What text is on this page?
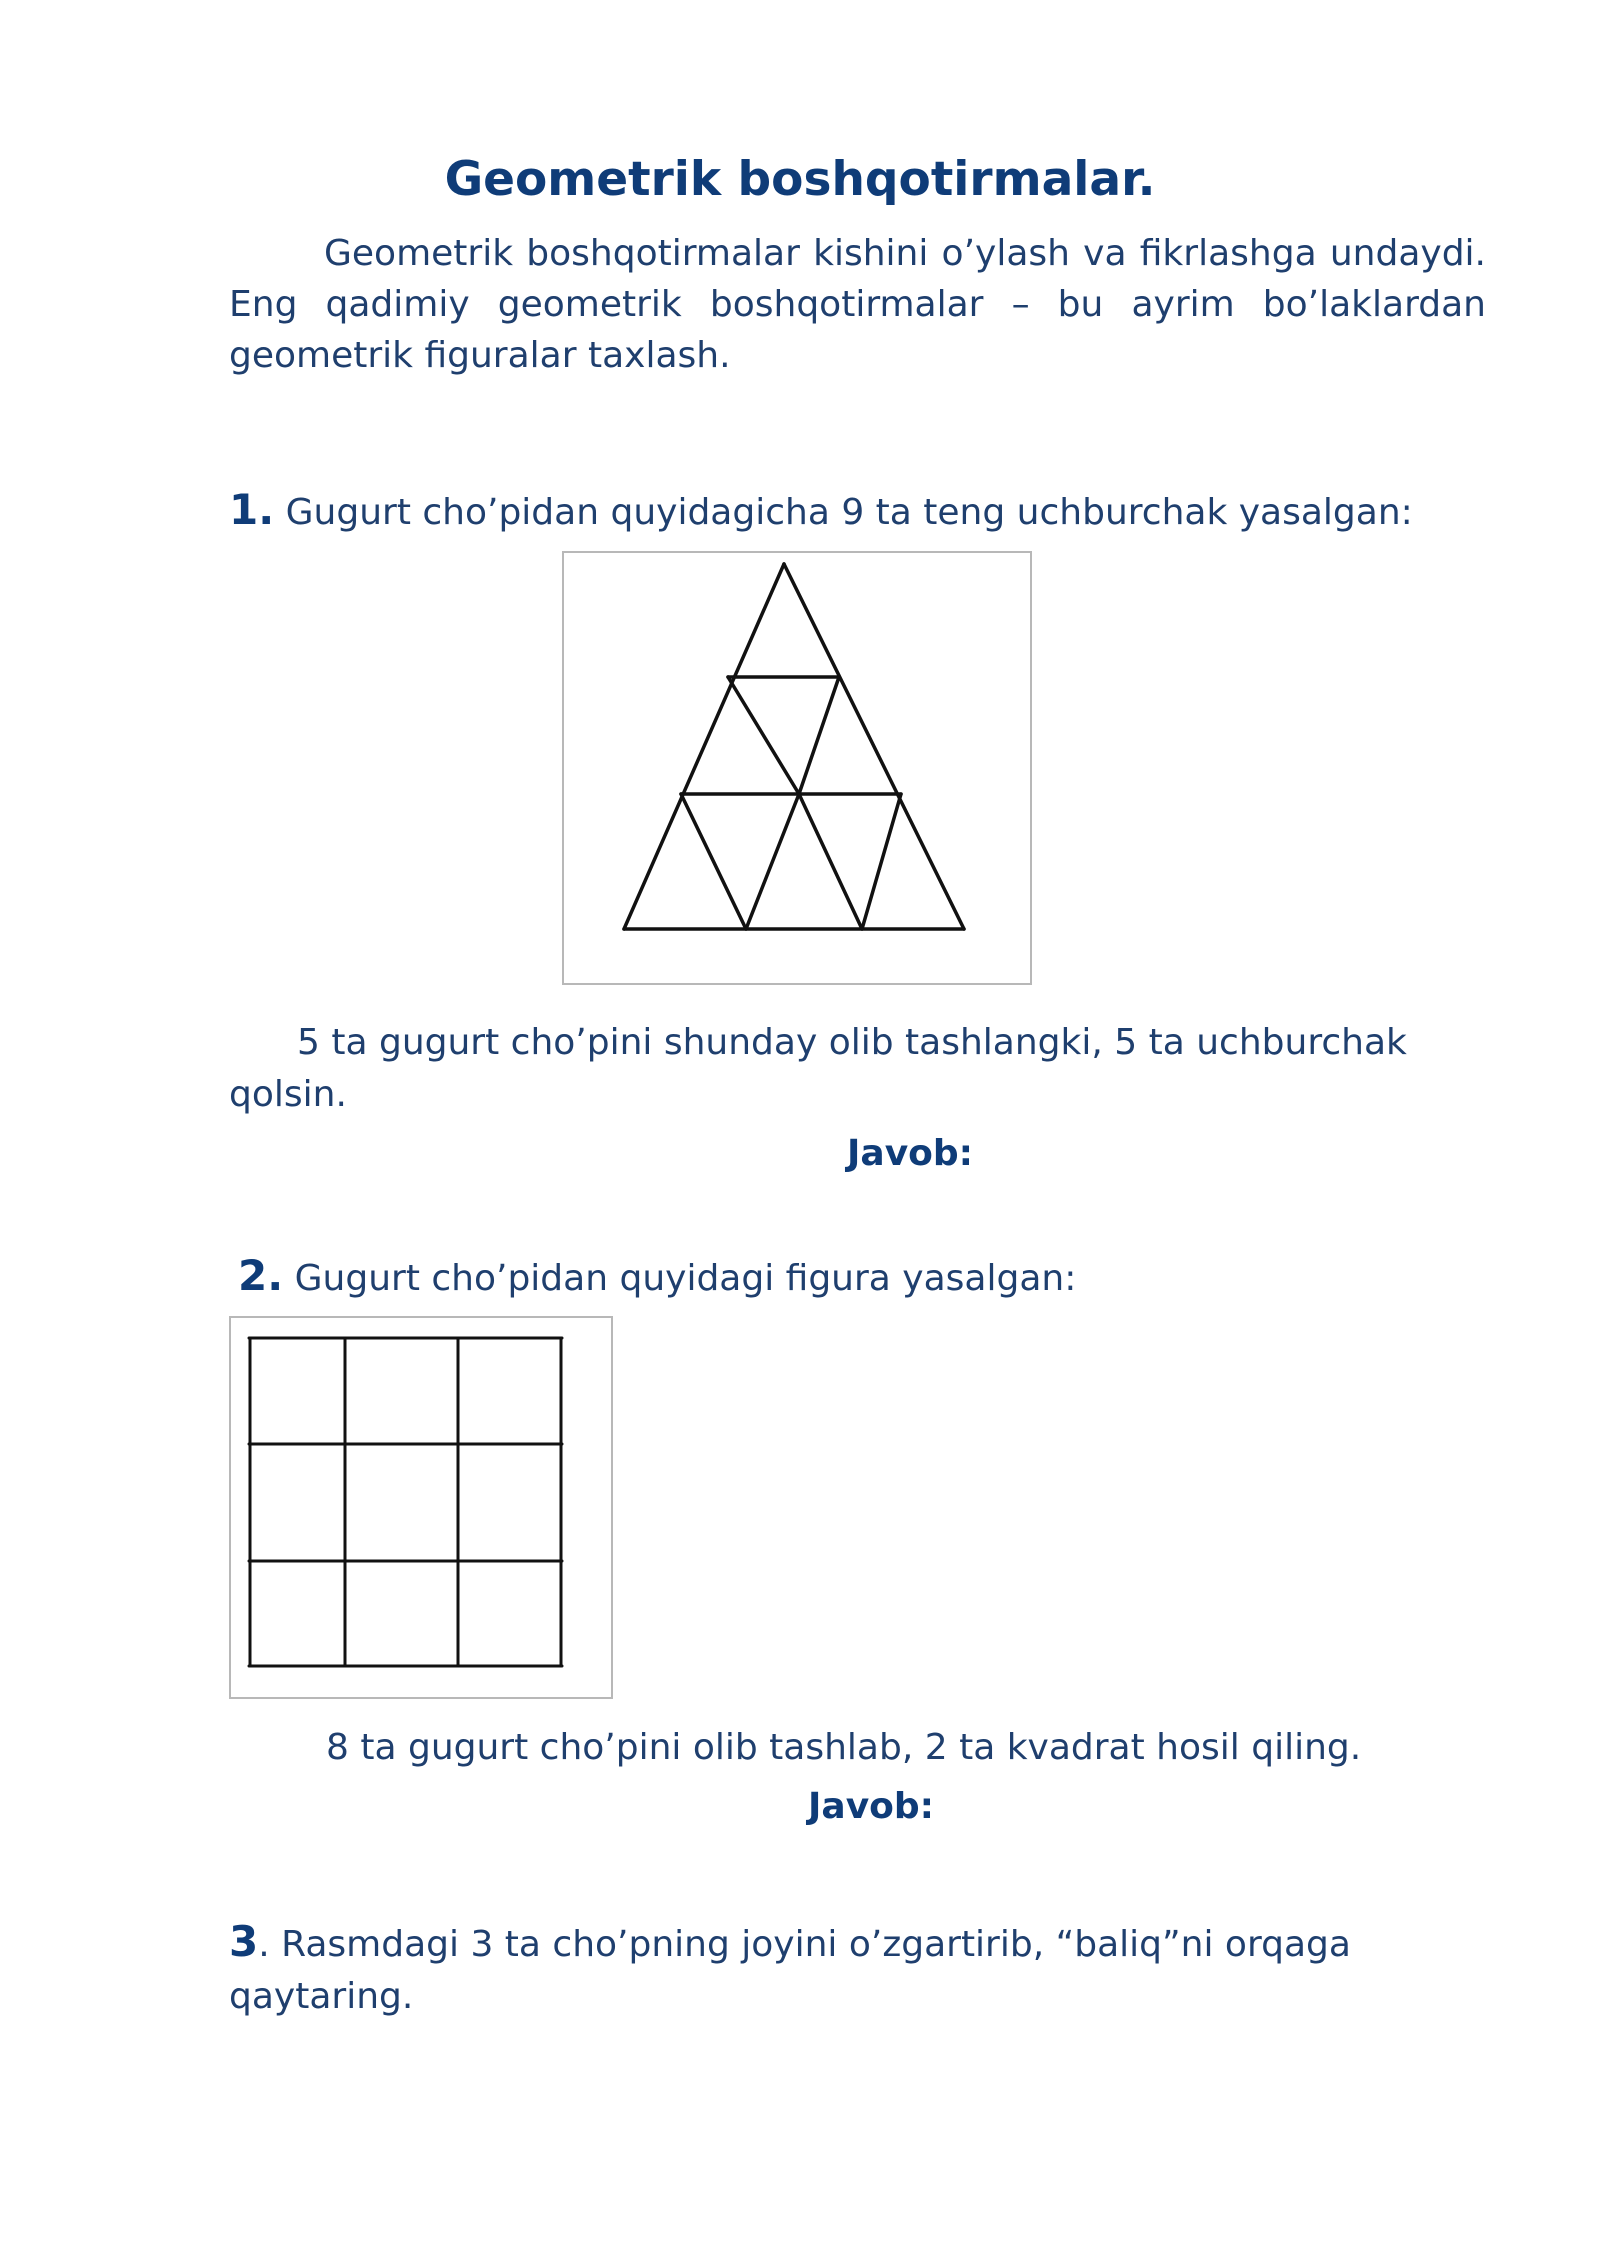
Geometrik boshqotirmalar.

Geometrik boshqotirmalar kishini o’ylash va fikrlashga undaydi. Eng qadimiy geometrik boshqotirmalar – bu ayrim bo’laklardan geometrik figuralar taxlash.

1. Gugurt cho’pidan quyidagicha 9 ta teng uchburchak yasalgan:

5 ta gugurt cho’pini shunday olib tashlangki, 5 ta uchburchak qolsin.

Javob:

2. Gugurt cho’pidan quyidagi figura yasalgan:

8 ta gugurt cho’pini olib tashlab, 2 ta kvadrat hosil qiling.

Javob:

3. Rasmdagi 3 ta cho’pning joyini o’zgartirib, “baliq”ni orqaga qaytaring.
